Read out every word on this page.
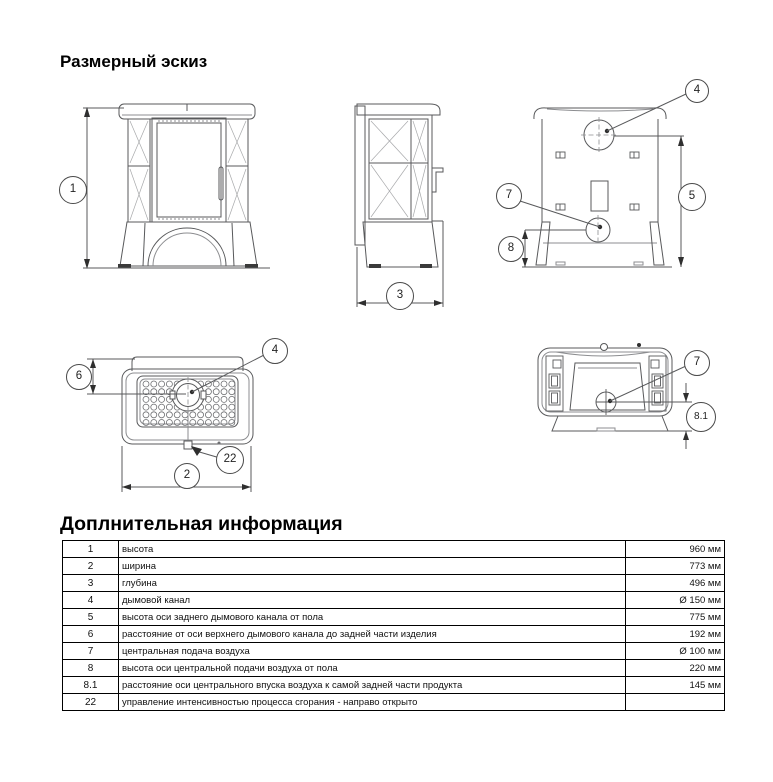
Размерный эскиз
1
3
4
5
7
8
6
4
22
2
7
8.1
Доплнительная информация
1	высота	960 мм
2	ширина	773 мм
3	глубина	496 мм
4	дымовой канал	Ø 150 мм
5	высота оси заднего дымового канала от пола	775 мм
6	расстояние от оси верхнего дымового канала до задней части изделия	192 мм
7	центральная подача воздуха	Ø 100 мм
8	высота оси центральной подачи воздуха от пола	220 мм
8.1	расстояние оси центрального впуска воздуха к самой задней части продукта	145 мм
22	управление интенсивностью процесса сгорания - направо открыто	
